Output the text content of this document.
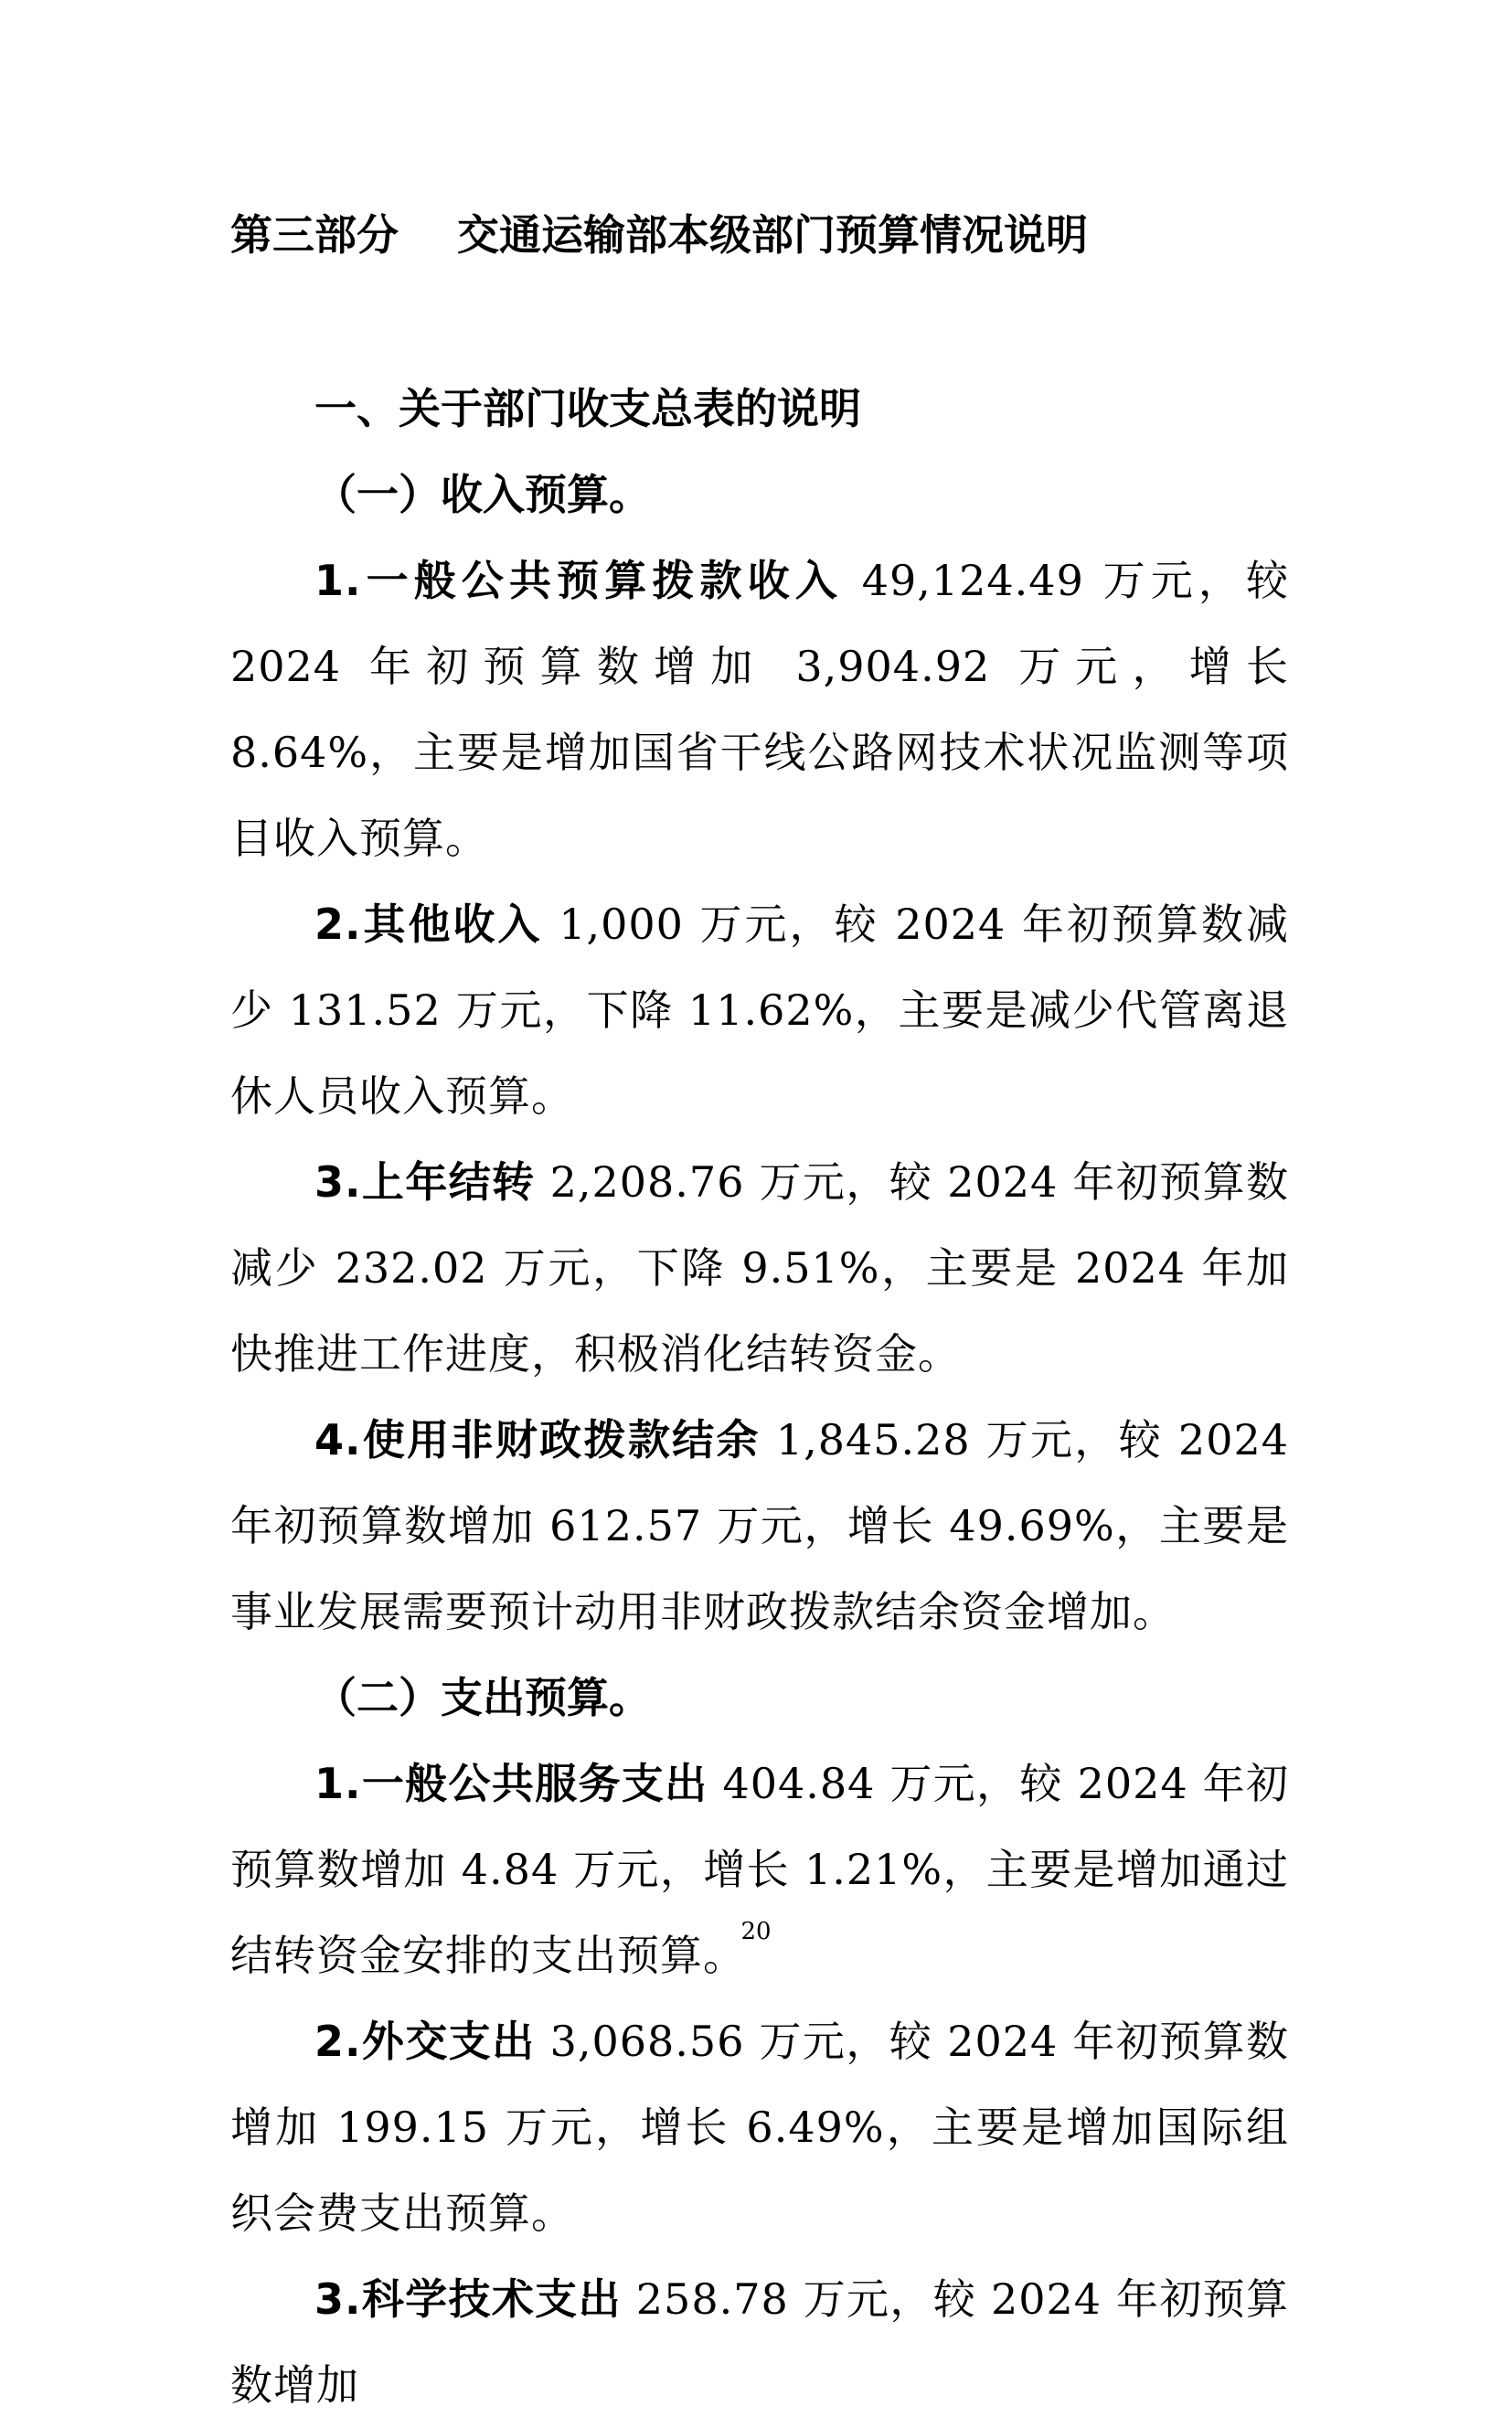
第三部分    交通运输部本级部门预算情况说明

一、关于部门收支总表的说明

（一）收入预算。

1.一般公共预算拨款收入 49,124.49 万元，较 2024 年初预算数增加 3,904.92 万元，增长 8.64%，主要是增加国省干线公路网技术状况监测等项目收入预算。

2.其他收入 1,000 万元，较 2024 年初预算数减少 131.52 万元，下降 11.62%，主要是减少代管离退休人员收入预算。

3.上年结转 2,208.76 万元，较 2024 年初预算数减少 232.02 万元，下降 9.51%，主要是 2024 年加快推进工作进度，积极消化结转资金。

4.使用非财政拨款结余 1,845.28 万元，较 2024 年初预算数增加 612.57 万元，增长 49.69%，主要是事业发展需要预计动用非财政拨款结余资金增加。

（二）支出预算。

1.一般公共服务支出 404.84 万元，较 2024 年初预算数增加 4.84 万元，增长 1.21%，主要是增加通过结转资金安排的支出预算。

2.外交支出 3,068.56 万元，较 2024 年初预算数增加 199.15 万元，增长 6.49%，主要是增加国际组织会费支出预算。

3.科学技术支出 258.78 万元，较 2024 年初预算数增加

20
